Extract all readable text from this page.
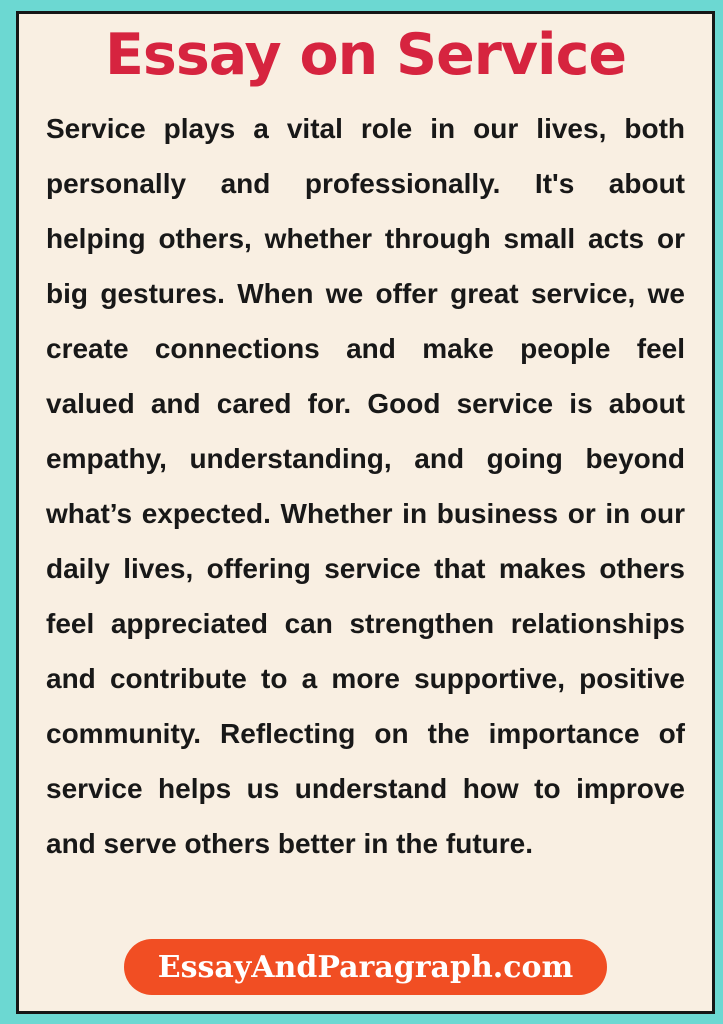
Essay on Service

Service plays a vital role in our lives, both personally and professionally. It's about helping others, whether through small acts or big gestures. When we offer great service, we create connections and make people feel valued and cared for. Good service is about empathy, understanding, and going beyond what’s expected. Whether in business or in our daily lives, offering service that makes others feel appreciated can strengthen relationships and contribute to a more supportive, positive community. Reflecting on the importance of service helps us understand how to improve and serve others better in the future.

EssayAndParagraph.com
